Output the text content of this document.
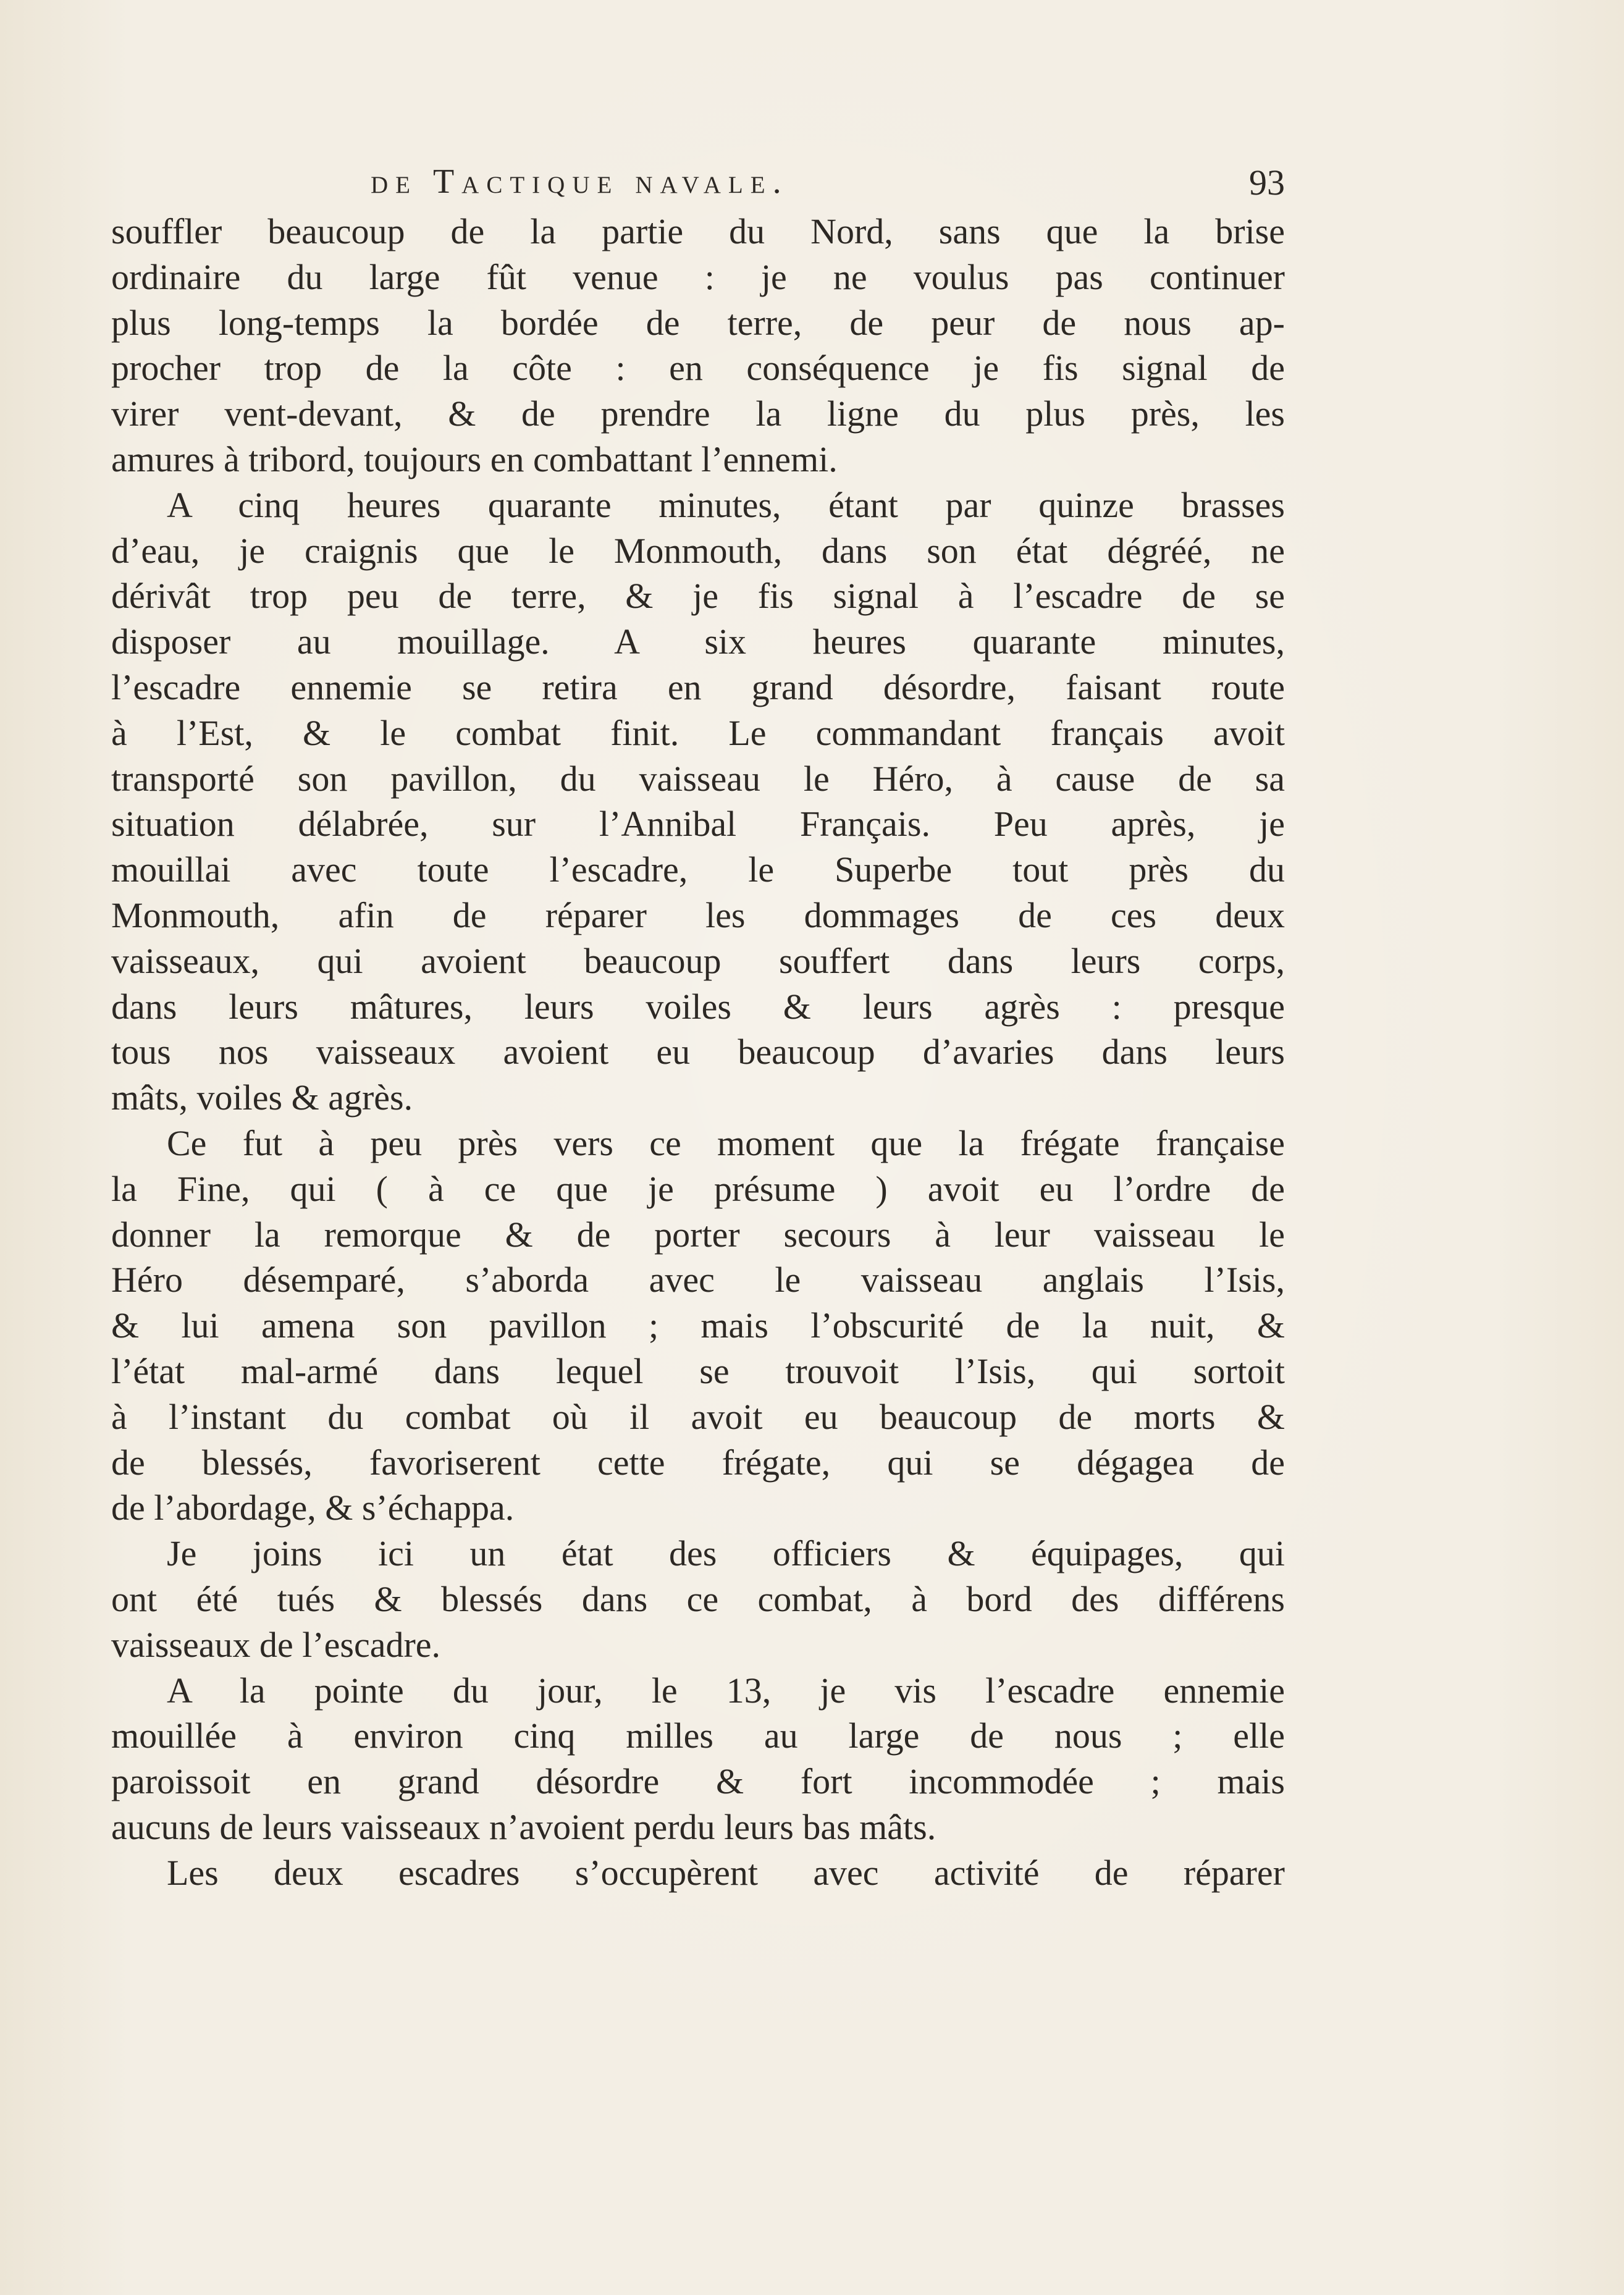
de Tactique navale.	93
souffler beaucoup de la partie du Nord, sans que la brise
ordinaire du large fût venue : je ne voulus pas continuer
plus long-temps la bordée de terre, de peur de nous ap-
procher trop de la côte : en conséquence je fis signal de
virer vent-devant, & de prendre la ligne du plus près, les
amures à tribord, toujours en combattant l’ennemi.
A cinq heures quarante minutes, étant par quinze brasses
d’eau, je craignis que le Monmouth, dans son état dégréé, ne
dérivât trop peu de terre, & je fis signal à l’escadre de se
disposer au mouillage. A six heures quarante minutes,
l’escadre ennemie se retira en grand désordre, faisant route
à l’Est, & le combat finit. Le commandant français avoit
transporté son pavillon, du vaisseau le Héro, à cause de sa
situation délabrée, sur l’Annibal Français. Peu après, je
mouillai avec toute l’escadre, le Superbe tout près du
Monmouth, afin de réparer les dommages de ces deux
vaisseaux, qui avoient beaucoup souffert dans leurs corps,
dans leurs mâtures, leurs voiles & leurs agrès : presque
tous nos vaisseaux avoient eu beaucoup d’avaries dans leurs
mâts, voiles & agrès.
Ce fut à peu près vers ce moment que la frégate française
la Fine, qui ( à ce que je présume ) avoit eu l’ordre de
donner la remorque & de porter secours à leur vaisseau le
Héro désemparé, s’aborda avec le vaisseau anglais l’Isis,
& lui amena son pavillon ; mais l’obscurité de la nuit, &
l’état mal-armé dans lequel se trouvoit l’Isis, qui sortoit
à l’instant du combat où il avoit eu beaucoup de morts &
de blessés, favoriserent cette frégate, qui se dégagea de
de l’abordage, & s’échappa.
Je joins ici un état des officiers & équipages, qui
ont été tués & blessés dans ce combat, à bord des différens
vaisseaux de l’escadre.
A la pointe du jour, le 13, je vis l’escadre ennemie
mouillée à environ cinq milles au large de nous ; elle
paroissoit en grand désordre & fort incommodée ; mais
aucuns de leurs vaisseaux n’avoient perdu leurs bas mâts.
Les deux escadres s’occupèrent avec activité de réparer
